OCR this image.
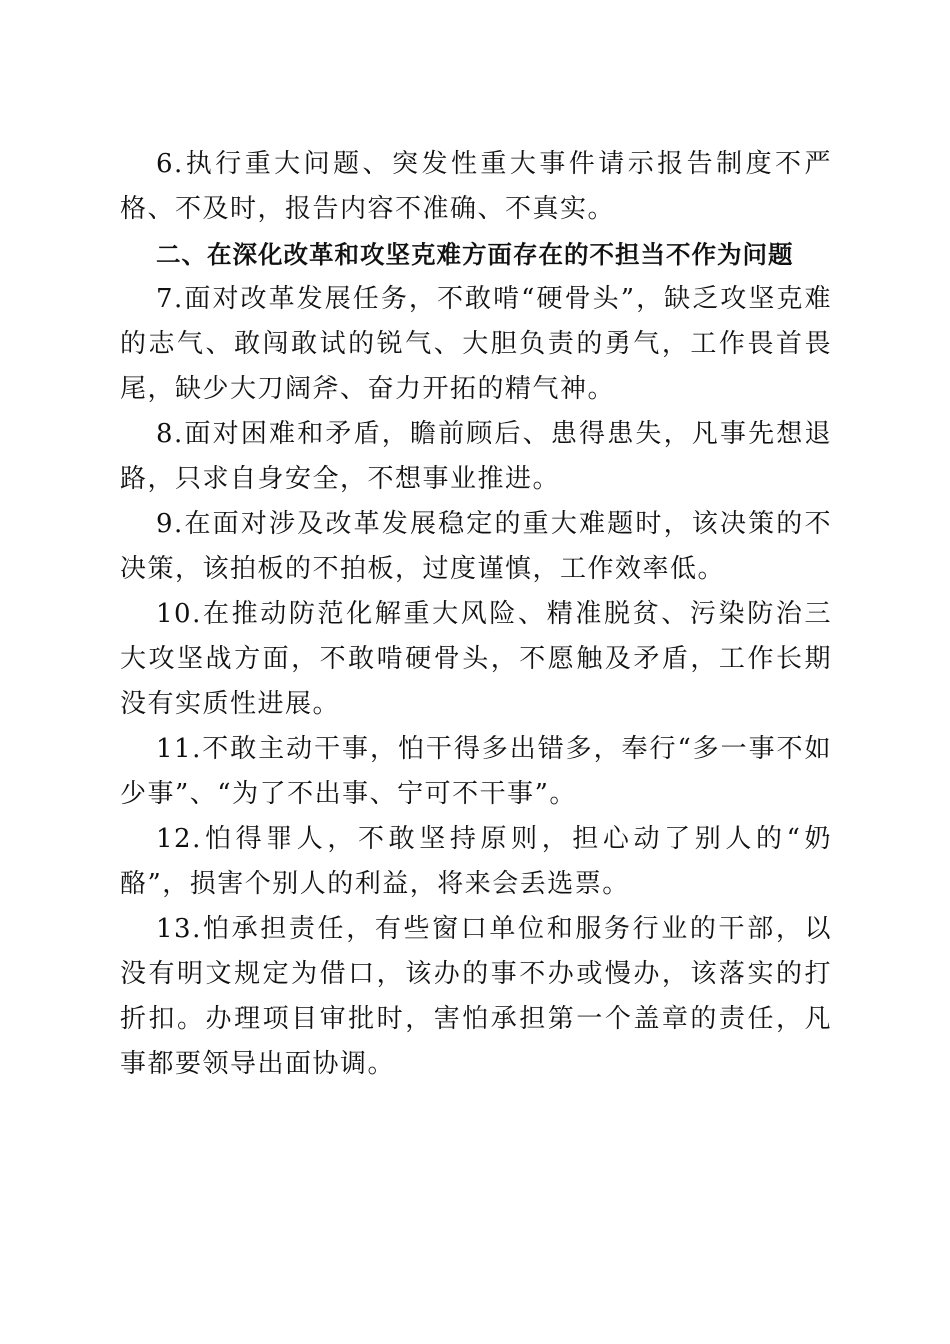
6.执行重大问题、突发性重大事件请示报告制度不严格、不及时，报告内容不准确、不真实。

二、在深化改革和攻坚克难方面存在的不担当不作为问题

7.面对改革发展任务，不敢啃“硬骨头”，缺乏攻坚克难的志气、敢闯敢试的锐气、大胆负责的勇气，工作畏首畏尾，缺少大刀阔斧、奋力开拓的精气神。

8.面对困难和矛盾，瞻前顾后、患得患失，凡事先想退路，只求自身安全，不想事业推进。

9.在面对涉及改革发展稳定的重大难题时，该决策的不决策，该拍板的不拍板，过度谨慎，工作效率低。

10.在推动防范化解重大风险、精准脱贫、污染防治三大攻坚战方面，不敢啃硬骨头，不愿触及矛盾，工作长期没有实质性进展。

11.不敢主动干事，怕干得多出错多，奉行“多一事不如少事”、“为了不出事、宁可不干事”。

12.怕得罪人，不敢坚持原则，担心动了别人的“奶酪”，损害个别人的利益，将来会丢选票。

13.怕承担责任，有些窗口单位和服务行业的干部，以没有明文规定为借口，该办的事不办或慢办，该落实的打折扣。办理项目审批时，害怕承担第一个盖章的责任，凡事都要领导出面协调。
